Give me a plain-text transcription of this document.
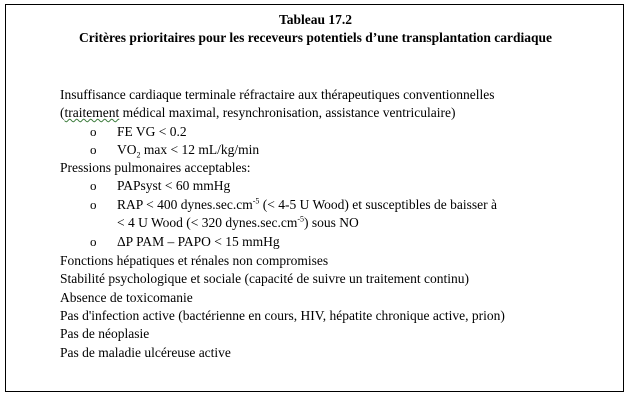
Tableau 17.2
Critères prioritaires pour les receveurs potentiels d’une transplantation cardiaque
Insuffisance cardiaque terminale réfractaire aux thérapeutiques conventionnelles
(traitement médical maximal, resynchronisation, assistance ventriculaire)
o FE VG < 0.2
o $VO_2$ max < 12 mL/kg/min
Pressions pulmonaires acceptables:
o PAPsyst < 60 mmHg
o RAP < 400 $dynes.\sec.cm^{-5}$ (< 4-5 U Wood) et susceptibles de baisser à
< 4 U Wood (< 320 $dynes.\sec.cm^{-5}$) sous NO
o ΔP PAM – PAPO < 15 mmHg
Fonctions hépatiques et rénales non compromises
Stabilité psychologique et sociale (capacité de suivre un traitement continu)
Absence de toxicomanie
Pas d'infection active (bactérienne en cours, HIV, hépatite chronique active, prion)
Pas de néoplasie
Pas de maladie ulcéreuse active
